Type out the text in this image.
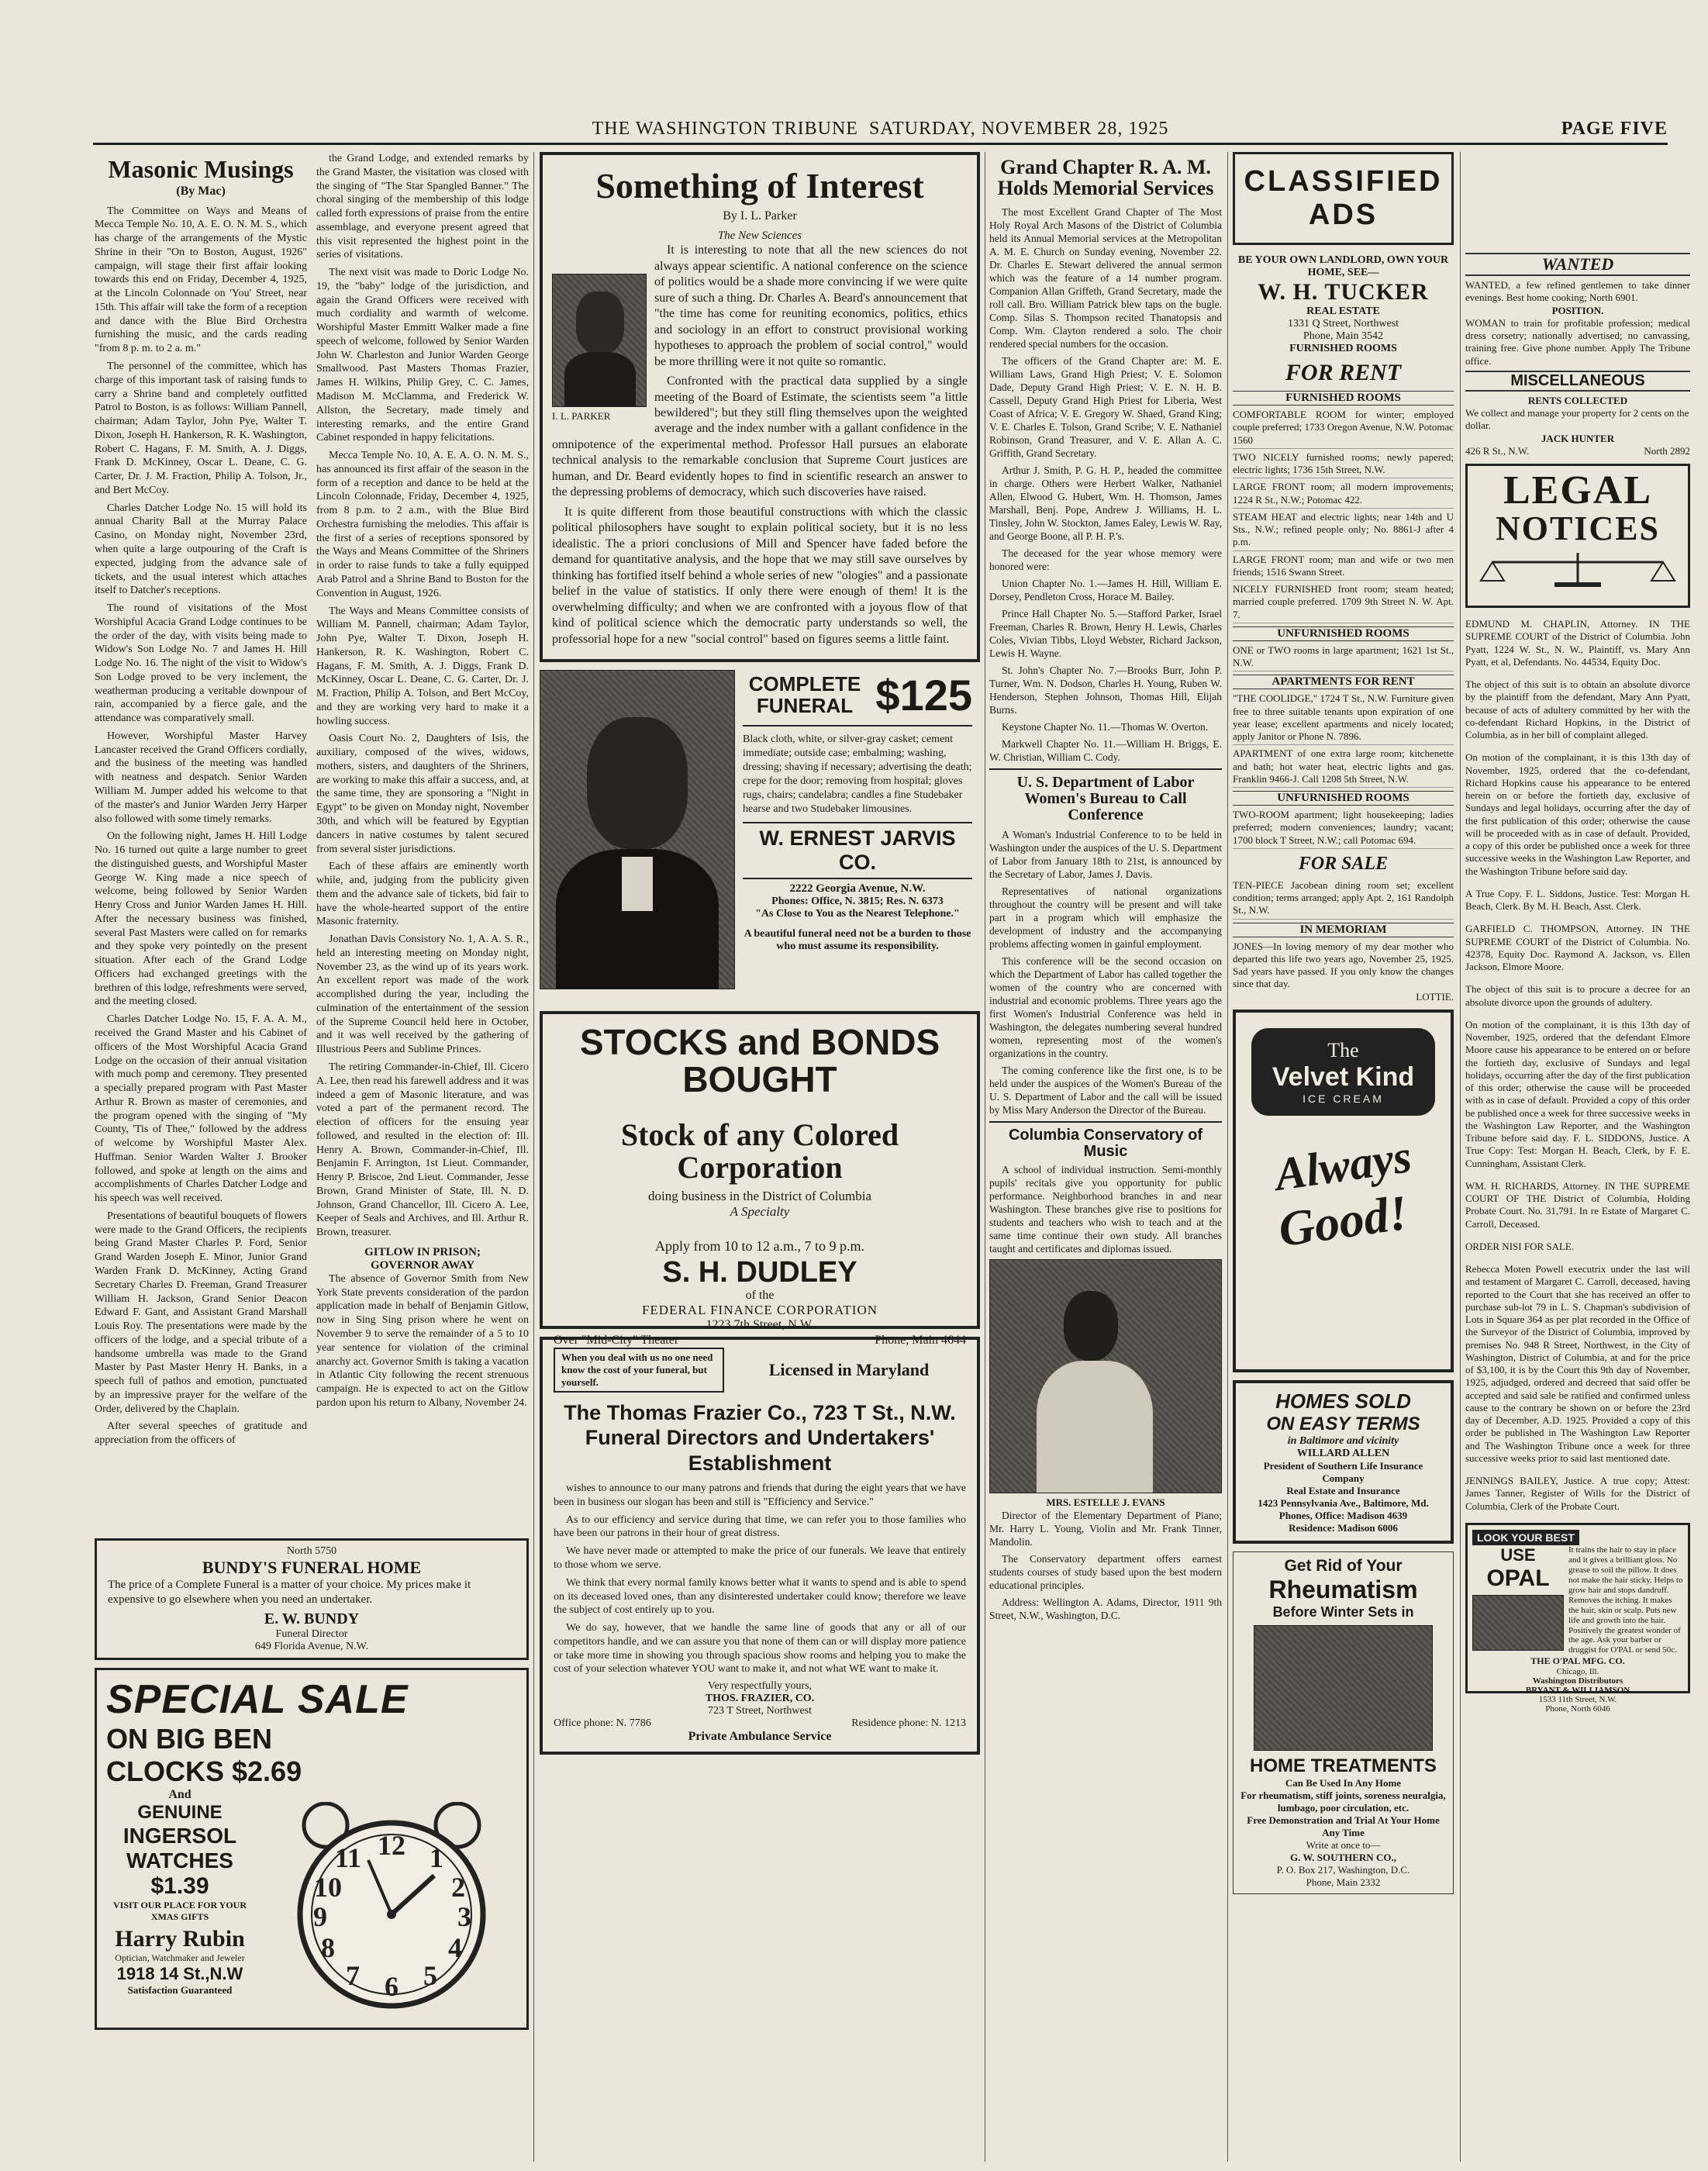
THE WASHINGTON TRIBUNE SATURDAY, NOVEMBER 28, 1925	PAGE FIVE
Masonic Musings
(By Mac)

The Committee on Ways and Means of Mecca Temple No. 10, A. E. O. N. M. S., which has charge of the arrangements of the Mystic Shrine in their "On to Boston, August, 1926" campaign, will stage their first affair looking towards this end on Friday, December 4, 1925, at the Lincoln Colonnade on 'You' Street, near 15th. This affair will take the form of a reception and dance with the Blue Bird Orchestra furnishing the music, and the cards reading "from 8 p. m. to 2 a. m."

The personnel of the committee, which has charge of this important task of raising funds to carry a Shrine band and completely outfitted Patrol to Boston, is as follows: William Pannell, chairman; Adam Taylor, John Pye, Walter T. Dixon, Joseph H. Hankerson, R. K. Washington, Robert C. Hagans, F. M. Smith, A. J. Diggs, Frank D. McKinney, Oscar L. Deane, C. G. Carter, Dr. J. M. Fraction, Philip A. Tolson, Jr., and Bert McCoy.

Charles Datcher Lodge No. 15 will hold its annual Charity Ball at the Murray Palace Casino, on Monday night, November 23rd, when quite a large outpouring of the Craft is expected, judging from the advance sale of tickets, and the usual interest which attaches itself to Datcher's receptions.

The round of visitations of the Most Worshipful Acacia Grand Lodge continues to be the order of the day, with visits being made to Widow's Son Lodge No. 7 and James H. Hill Lodge No. 16. The night of the visit to Widow's Son Lodge proved to be very inclement, the weatherman producing a veritable downpour of rain, accompanied by a fierce gale, and the attendance was comparatively small.

However, Worshipful Master Harvey Lancaster received the Grand Officers cordially, and the business of the meeting was handled with neatness and despatch. Senior Warden William M. Jumper added his welcome to that of the master's and Junior Warden Jerry Harper also followed with some timely remarks.

On the following night, James H. Hill Lodge No. 16 turned out quite a large number to greet the distinguished guests, and Worshipful Master George W. King made a nice speech of welcome, being followed by Senior Warden Henry Cross and Junior Warden James H. Hill. After the necessary business was finished, several Past Masters were called on for remarks and they spoke very pointedly on the present situation. After each of the Grand Lodge Officers had exchanged greetings with the brethren of this lodge, refreshments were served, and the meeting closed.

Charles Datcher Lodge No. 15, F. A. A. M., received the Grand Master and his Cabinet of officers of the Most Worshipful Acacia Grand Lodge on the occasion of their annual visitation with much pomp and ceremony. They presented a specially prepared program with Past Master Arthur R. Brown as master of ceremonies, and the program opened with the singing of "My County, 'Tis of Thee," followed by the address of welcome by Worshipful Master Alex. Huffman. Senior Warden Walter J. Brooker followed, and spoke at length on the aims and accomplishments of Charles Datcher Lodge and his speech was well received.

Presentations of beautiful bouquets of flowers were made to the Grand Officers, the recipients being Grand Master Charles P. Ford, Senior Grand Warden Joseph E. Minor, Junior Grand Warden Frank D. McKinney, Acting Grand Secretary Charles D. Freeman, Grand Treasurer William H. Jackson, Grand Senior Deacon Edward F. Gant, and Assistant Grand Marshall Louis Roy. The presentations were made by the officers of the lodge, and a special tribute of a handsome umbrella was made to the Grand Master by Past Master Henry H. Banks, in a speech full of pathos and emotion, punctuated by an impressive prayer for the welfare of the Order, delivered by the Chaplain.

After several speeches of gratitude and appreciation from the officers of

the Grand Lodge, and extended remarks by the Grand Master, the visitation was closed with the singing of "The Star Spangled Banner." The choral singing of the membership of this lodge called forth expressions of praise from the entire assemblage, and everyone present agreed that this visit represented the highest point in the series of visitations.

The next visit was made to Doric Lodge No. 19, the "baby" lodge of the jurisdiction, and again the Grand Officers were received with much cordiality and warmth of welcome. Worshipful Master Emmitt Walker made a fine speech of welcome, followed by Senior Warden John W. Charleston and Junior Warden George Smallwood. Past Masters Thomas Frazier, James H. Wilkins, Philip Grey, C. C. James, Madison M. McClamma, and Frederick W. Allston, the Secretary, made timely and interesting remarks, and the entire Grand Cabinet responded in happy felicitations.

Mecca Temple No. 10, A. E. A. O. N. M. S., has announced its first affair of the season in the form of a reception and dance to be held at the Lincoln Colonnade, Friday, December 4, 1925, from 8 p.m. to 2 a.m., with the Blue Bird Orchestra furnishing the melodies. This affair is the first of a series of receptions sponsored by the Ways and Means Committee of the Shriners in order to raise funds to take a fully equipped Arab Patrol and a Shrine Band to Boston for the Convention in August, 1926.

The Ways and Means Committee consists of William M. Pannell, chairman; Adam Taylor, John Pye, Walter T. Dixon, Joseph H. Hankerson, R. K. Washington, Robert C. Hagans, F. M. Smith, A. J. Diggs, Frank D. McKinney, Oscar L. Deane, C. G. Carter, Dr. J. M. Fraction, Philip A. Tolson, and Bert McCoy, and they are working very hard to make it a howling success.

Oasis Court No. 2, Daughters of Isis, the auxiliary, composed of the wives, widows, mothers, sisters, and daughters of the Shriners, are working to make this affair a success, and, at the same time, they are sponsoring a "Night in Egypt" to be given on Monday night, November 30th, and which will be featured by Egyptian dancers in native costumes by talent secured from several sister jurisdictions.

Each of these affairs are eminently worth while, and, judging from the publicity given them and the advance sale of tickets, bid fair to have the whole-hearted support of the entire Masonic fraternity.

Jonathan Davis Consistory No. 1, A. A. S. R., held an interesting meeting on Monday night, November 23, as the wind up of its years work. An excellent report was made of the work accomplished during the year, including the culmination of the entertainment of the session of the Supreme Council held here in October, and it was well received by the gathering of Illustrious Peers and Sublime Princes.

The retiring Commander-in-Chief, Ill. Cicero A. Lee, then read his farewell address and it was indeed a gem of Masonic literature, and was voted a part of the permanent record. The election of officers for the ensuing year followed, and resulted in the election of: Ill. Henry A. Brown, Commander-in-Chief, Ill. Benjamin F. Arrington, 1st Lieut. Commander, Henry P. Briscoe, 2nd Lieut. Commander, Jesse Brown, Grand Minister of State, Ill. N. D. Johnson, Grand Chancellor, Ill. Cicero A. Lee, Keeper of Seals and Archives, and Ill. Arthur R. Brown, treasurer.

GITLOW IN PRISON;
GOVERNOR AWAY

The absence of Governor Smith from New York State prevents consideration of the pardon application made in behalf of Benjamin Gitlow, now in Sing Sing prison where he went on November 9 to serve the remainder of a 5 to 10 year sentence for violation of the criminal anarchy act. Governor Smith is taking a vacation in Atlantic City following the recent strenuous campaign. He is expected to act on the Gitlow pardon upon his return to Albany, November 24.

North 5750
BUNDY'S FUNERAL HOME
The price of a Complete Funeral is a matter of your choice. My prices make it expensive to go elsewhere when you need an undertaker.
E. W. BUNDY
Funeral Director
649 Florida Avenue, N.W.
SPECIAL SALE
ON BIG BEN
CLOCKS $2.69
And
GENUINE
INGERSOL
WATCHES
$1.39
VISIT OUR PLACE FOR YOUR XMAS GIFTS
Harry Rubin
Optician, Watchmaker and Jeweler
1918 14 St.,N.W
Satisfaction Guaranteed
12 1
2
3
4
5
6
7
8
9
10
11
Something of Interest
By I. L. Parker
The New Sciences
I. L. PARKER

It is interesting to note that all the new sciences do not always appear scientific. A national conference on the science of politics would be a shade more convincing if we were quite sure of such a thing. Dr. Charles A. Beard's announcement that "the time has come for reuniting economics, politics, ethics and sociology in an effort to construct provisional working hypotheses to approach the problem of social control," would be more thrilling were it not quite so romantic.

Confronted with the practical data supplied by a single meeting of the Board of Estimate, the scientists seem "a little bewildered"; but they still fling themselves upon the weighted average and the index number with a gallant confidence in the omnipotence of the experimental method. Professor Hall pursues an elaborate technical analysis to the remarkable conclusion that Supreme Court justices are human, and Dr. Beard evidently hopes to find in scientific research an answer to the depressing problems of democracy, which such discoveries have raised.

It is quite different from those beautiful constructions with which the classic political philosophers have sought to explain political society, but it is no less idealistic. The a priori conclusions of Mill and Spencer have faded before the demand for quantitative analysis, and the hope that we may still save ourselves by thinking has fortified itself behind a whole series of new "ologies" and a passionate belief in the value of statistics. If only there were enough of them! It is the overwhelming difficulty; and when we are confronted with a joyous flow of that kind of political science which the democratic party understands so well, the professorial hope for a new "social control" based on figures seems a little faint.

COMPLETE FUNERAL $125
Black cloth, white, or silver-gray casket; cement immediate; outside case; embalming; washing, dressing; shaving if necessary; advertising the death; crepe for the door; removing from hospital; gloves rugs, chairs; candelabra; candles a fine Studebaker hearse and two Studebaker limousines.
W. ERNEST JARVIS CO.
2222 Georgia Avenue, N.W.
Phones: Office, N. 3815; Res. N. 6373
"As Close to You as the Nearest Telephone."
A beautiful funeral need not be a burden to those who must assume its responsibility.
STOCKS and BONDS
BOUGHT
Stock of any Colored
Corporation
doing business in the District of Columbia
A Specialty
Apply from 10 to 12 a.m., 7 to 9 p.m.
S. H. DUDLEY
of the
FEDERAL FINANCE CORPORATION
1223 7th Street, N.W.
Over "Mid-City" Theater	Phone, Main 4644
When you deal with us no one need know the cost of your funeral, but yourself.
Licensed in Maryland
The Thomas Frazier Co., 723 T St., N.W. Funeral Directors and Undertakers' Establishment

wishes to announce to our many patrons and friends that during the eight years that we have been in business our slogan has been and still is "Efficiency and Service."

As to our efficiency and service during that time, we can refer you to those families who have been our patrons in their hour of great distress.

We have never made or attempted to make the price of our funerals. We leave that entirely to those whom we serve.

We think that every normal family knows better what it wants to spend and is able to spend on its deceased loved ones, than any disinterested undertaker could know; therefore we leave the subject of cost entirely up to you.

We do say, however, that we handle the same line of goods that any or all of our competitors handle, and we can assure you that none of them can or will display more patience or take more time in showing you through spacious show rooms and helping you to make the cost of your selection whatever YOU want to make it, and not what WE want to make it.

Very respectfully yours,
THOS. FRAZIER, CO.
723 T Street, Northwest
Office phone: N. 7786	Residence phone: N. 1213
Private Ambulance Service
Grand Chapter R. A. M. Holds Memorial Services

The most Excellent Grand Chapter of The Most Holy Royal Arch Masons of the District of Columbia held its Annual Memorial services at the Metropolitan A. M. E. Church on Sunday evening, November 22. Dr. Charles E. Stewart delivered the annual sermon which was the feature of a 14 number program. Companion Allan Griffeth, Grand Secretary, made the roll call. Bro. William Patrick blew taps on the bugle. Comp. Silas S. Thompson recited Thanatopsis and Comp. Wm. Clayton rendered a solo. The choir rendered special numbers for the occasion.

The officers of the Grand Chapter are: M. E. William Laws, Grand High Priest; V. E. Solomon Dade, Deputy Grand High Priest; V. E. N. H. B. Cassell, Deputy Grand High Priest for Liberia, West Coast of Africa; V. E. Gregory W. Shaed, Grand King; V. E. Charles E. Tolson, Grand Scribe; V. E. Nathaniel Robinson, Grand Treasurer, and V. E. Allan A. C. Griffith, Grand Secretary.

Arthur J. Smith, P. G. H. P., headed the committee in charge. Others were Herbert Walker, Nathaniel Allen, Elwood G. Hubert, Wm. H. Thomson, James Marshall, Benj. Pope, Andrew J. Williams, H. L. Tinsley, John W. Stockton, James Ealey, Lewis W. Ray, and George Boone, all P. H. P.'s.

The deceased for the year whose memory were honored were:

Union Chapter No. 1.—James H. Hill, William E. Dorsey, Pendleton Cross, Horace M. Bailey.

Prince Hall Chapter No. 5.—Stafford Parker, Israel Freeman, Charles R. Brown, Henry H. Lewis, Charles Coles, Vivian Tibbs, Lloyd Webster, Richard Jackson, Lewis H. Wayne.

St. John's Chapter No. 7.—Brooks Burr, John P. Turner, Wm. N. Dodson, Charles H. Young, Ruben W. Henderson, Stephen Johnson, Thomas Hill, Elijah Burns.

Keystone Chapter No. 11.—Thomas W. Overton.

Markwell Chapter No. 11.—William H. Briggs, E. W. Christian, William C. Cody.

U. S. Department of Labor Women's Bureau to Call Conference

A Woman's Industrial Conference to to be held in Washington under the auspices of the U. S. Department of Labor from January 18th to 21st, is announced by the Secretary of Labor, James J. Davis.

Representatives of national organizations throughout the country will be present and will take part in a program which will emphasize the development of industry and the accompanying problems affecting women in gainful employment.

This conference will be the second occasion on which the Department of Labor has called together the women of the country who are concerned with industrial and economic problems. Three years ago the first Women's Industrial Conference was held in Washington, the delegates numbering several hundred women, representing most of the women's organizations in the country.

The coming conference like the first one, is to be held under the auspices of the Women's Bureau of the U. S. Department of Labor and the call will be issued by Miss Mary Anderson the Director of the Bureau.

Columbia Conservatory of Music

A school of individual instruction. Semi-monthly pupils' recitals give you opportunity for public performance. Neighborhood branches in and near Washington. These branches give rise to positions for students and teachers who wish to teach and at the same time continue their own study. All branches taught and certificates and diplomas issued.

MRS. ESTELLE J. EVANS

Director of the Elementary Department of Piano; Mr. Harry L. Young, Violin and Mr. Frank Tinner, Mandolin.

The Conservatory department offers earnest students courses of study based upon the best modern educational principles.

Address: Wellington A. Adams, Director, 1911 9th Street, N.W., Washington, D.C.

CLASSIFIED ADS
BE YOUR OWN LANDLORD, OWN YOUR HOME, SEE—
W. H. TUCKER
REAL ESTATE
1331 Q Street, Northwest
Phone, Main 3542
FURNISHED ROOMS
FOR RENT
FURNISHED ROOMS
COMFORTABLE ROOM for winter; employed couple preferred; 1733 Oregon Avenue, N.W. Potomac 1560
TWO NICELY furnished rooms; newly papered; electric lights; 1736 15th Street, N.W.
LARGE FRONT room; all modern improvements; 1224 R St., N.W.; Potomac 422.
STEAM HEAT and electric lights; near 14th and U Sts., N.W.; refined people only; No. 8861-J after 4 p.m.
LARGE FRONT room; man and wife or two men friends; 1516 Swann Street.
NICELY FURNISHED front room; steam heated; married couple preferred. 1709 9th Street N. W. Apt. 7.
UNFURNISHED ROOMS
ONE or TWO rooms in large apartment; 1621 1st St., N.W.
APARTMENTS FOR RENT
"THE COOLIDGE," 1724 T St., N.W. Furniture given free to three suitable tenants upon expiration of one year lease; excellent apartments and nicely located; apply Janitor or Phone N. 7896.
APARTMENT of one extra large room; kitchenette and bath; hot water heat, electric lights and gas. Franklin 9466-J. Call 1208 5th Street, N.W.
UNFURNISHED ROOMS
TWO-ROOM apartment; light housekeeping; ladies preferred; modern conveniences; laundry; vacant; 1700 block T Street, N.W.; call Potomac 694.
FOR SALE
TEN-PIECE Jacobean dining room set; excellent condition; terms arranged; apply Apt. 2, 161 Randolph St., N.W.
IN MEMORIAM
JONES—In loving memory of my dear mother who departed this life two years ago, November 25, 1925. Sad years have passed. If you only know the changes since that day.
LOTTIE.
The
Velvet Kind
ICE CREAM
Always
Good!
HOMES SOLD
ON EASY TERMS
in Baltimore and vicinity
WILLARD ALLEN
President of Southern Life Insurance Company
Real Estate and Insurance
1423 Pennsylvania Ave., Baltimore, Md.
Phones, Office: Madison 4639
Residence: Madison 6006
Get Rid of Your
Rheumatism
Before Winter Sets in
HOME TREATMENTS
Can Be Used In Any Home
For rheumatism, stiff joints, soreness neuralgia, lumbago, poor circulation, etc.
Free Demonstration and Trial At Your Home Any Time
Write at once to—
G. W. SOUTHERN CO.,
P. O. Box 217, Washington, D.C.
Phone, Main 2332
WANTED
WANTED, a few refined gentlemen to take dinner evenings. Best home cooking; North 6901.
POSITION.
WOMAN to train for profitable profession; medical dress corsetry; nationally advertised; no canvassing, training free. Give phone number. Apply The Tribune office.
MISCELLANEOUS
RENTS COLLECTED
We collect and manage your property for 2 cents on the dollar.
JACK HUNTER
426 R St., N.W.	North 2892
LEGAL
NOTICES

EDMUND M. CHAPLIN, Attorney. IN THE SUPREME COURT of the District of Columbia. John Pyatt, 1224 W. St., N. W., Plaintiff, vs. Mary Ann Pyatt, et al, Defendants. No. 44534, Equity Doc.

The object of this suit is to obtain an absolute divorce by the plaintiff from the defendant, Mary Ann Pyatt, because of acts of adultery committed by her with the co-defendant Richard Hopkins, in the District of Columbia, as in her bill of complaint alleged.

On motion of the complainant, it is this 13th day of November, 1925, ordered that the co-defendant, Richard Hopkins cause his appearance to be entered herein on or before the fortieth day, exclusive of Sundays and legal holidays, occurring after the day of the first publication of this order; otherwise the cause will be proceeded with as in case of default. Provided, a copy of this order be published once a week for three successive weeks in the Washington Law Reporter, and the Washington Tribune before said day.

A True Copy. F. L. Siddons, Justice. Test: Morgan H. Beach, Clerk. By M. H. Beach, Asst. Clerk.

GARFIELD C. THOMPSON, Attorney. IN THE SUPREME COURT of the District of Columbia. No. 42378, Equity Doc. Raymond A. Jackson, vs. Ellen Jackson, Elmore Moore.

The object of this suit is to procure a decree for an absolute divorce upon the grounds of adultery.

On motion of the complainant, it is this 13th day of November, 1925, ordered that the defendant Elmore Moore cause his appearance to be entered on or before the fortieth day, exclusive of Sundays and legal holidays, occurring after the day of the first publication of this order; otherwise the cause will be proceeded with as in case of default. Provided a copy of this order be published once a week for three successive weeks in the Washington Law Reporter, and the Washington Tribune before said day. F. L. SIDDONS, Justice. A True Copy: Test: Morgan H. Beach, Clerk, by F. E. Cunningham, Assistant Clerk.

WM. H. RICHARDS, Attorney. IN THE SUPREME COURT OF THE District of Columbia, Holding Probate Court. No. 31,791. In re Estate of Margaret C. Carroll, Deceased.

ORDER NISI FOR SALE.

Rebecca Moten Powell executrix under the last will and testament of Margaret C. Carroll, deceased, having reported to the Court that she has received an offer to purchase sub-lot 79 in L. S. Chapman's subdivision of Lots in Square 364 as per plat recorded in the Office of the Surveyor of the District of Columbia, improved by premises No. 948 R Street, Northwest, in the City of Washington, District of Columbia, at and for the price of $3,100, it is by the Court this 9th day of November, 1925, adjudged, ordered and decreed that said offer be accepted and said sale be ratified and confirmed unless cause to the contrary be shown on or before the 23rd day of December, A.D. 1925. Provided a copy of this order be published in The Washington Law Reporter and The Washington Tribune once a week for three successive weeks prior to said last mentioned date.

JENNINGS BAILEY, Justice. A true copy; Attest: James Tanner, Register of Wills for the District of Columbia, Clerk of the Probate Court.

LOOK YOUR BEST
USE
OPAL
It trains the hair to stay in place and it gives a brilliant gloss. No grease to soil the pillow. It does not make the hair sticky. Helps to grow hair and stops dandruff. Removes the itching. It makes the hair, skin or scalp. Puts new life and growth into the hair. Positively the greatest wonder of the age. Ask your barber or druggist for O'PAL or send 50c.
THE O'PAL MFG. CO.
Chicago, Ill.
Washington Distributors
BRYANT & WILLIAMSON
1533 11th Street, N.W.
Phone, North 6046
